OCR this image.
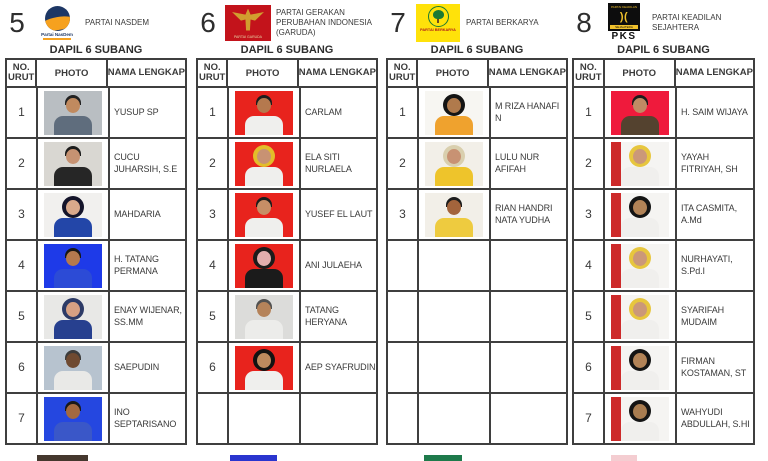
5	Partai NasDem
PARTAI NASDEM
DAPIL 6 SUBANG
NO. URUT	PHOTO	NAMA LENGKAP
1	YUSUP SP
2	CUCU JUHARSIH, S.E
3	MAHDARIA
4	H. TATANG PERMANA
5	ENAY WIJENAR, SS.MM
6	SAEPUDIN
7	INO SEPTARISANO
6	PARTAI GARUDA
PARTAI GERAKAN PERUBAHAN INDONESIA (GARUDA)
DAPIL 6 SUBANG
NO. URUT	PHOTO	NAMA LENGKAP
1	CARLAM
2	ELA SITI NURLAELA
3	YUSEF EL LAUT
4	ANI JULAEHA
5	TATANG HERYANA
6	AEP SYAFRUDIN
7	PARTAI BERKARYA
PARTAI BERKARYA
DAPIL 6 SUBANG
NO. URUT	PHOTO	NAMA LENGKAP
1	M RIZA HANAFI N
2	LULU NUR AFIFAH
3	RIAN HANDRI NATA YUDHA
8	PARTAI KEADILAN
)(
SEJAHTERA
PKS
PARTAI KEADILAN SEJAHTERA
DAPIL 6 SUBANG
NO. URUT	PHOTO	NAMA LENGKAP
1	H. SAIM WIJAYA
2	YAYAH FITRIYAH, SH
3	ITA CASMITA, A.Md
4	NURHAYATI, S.Pd.I
5	SYARIFAH MUDAIM
6	FIRMAN KOSTAMAN, ST
7	WAHYUDI ABDULLAH, S.HI
